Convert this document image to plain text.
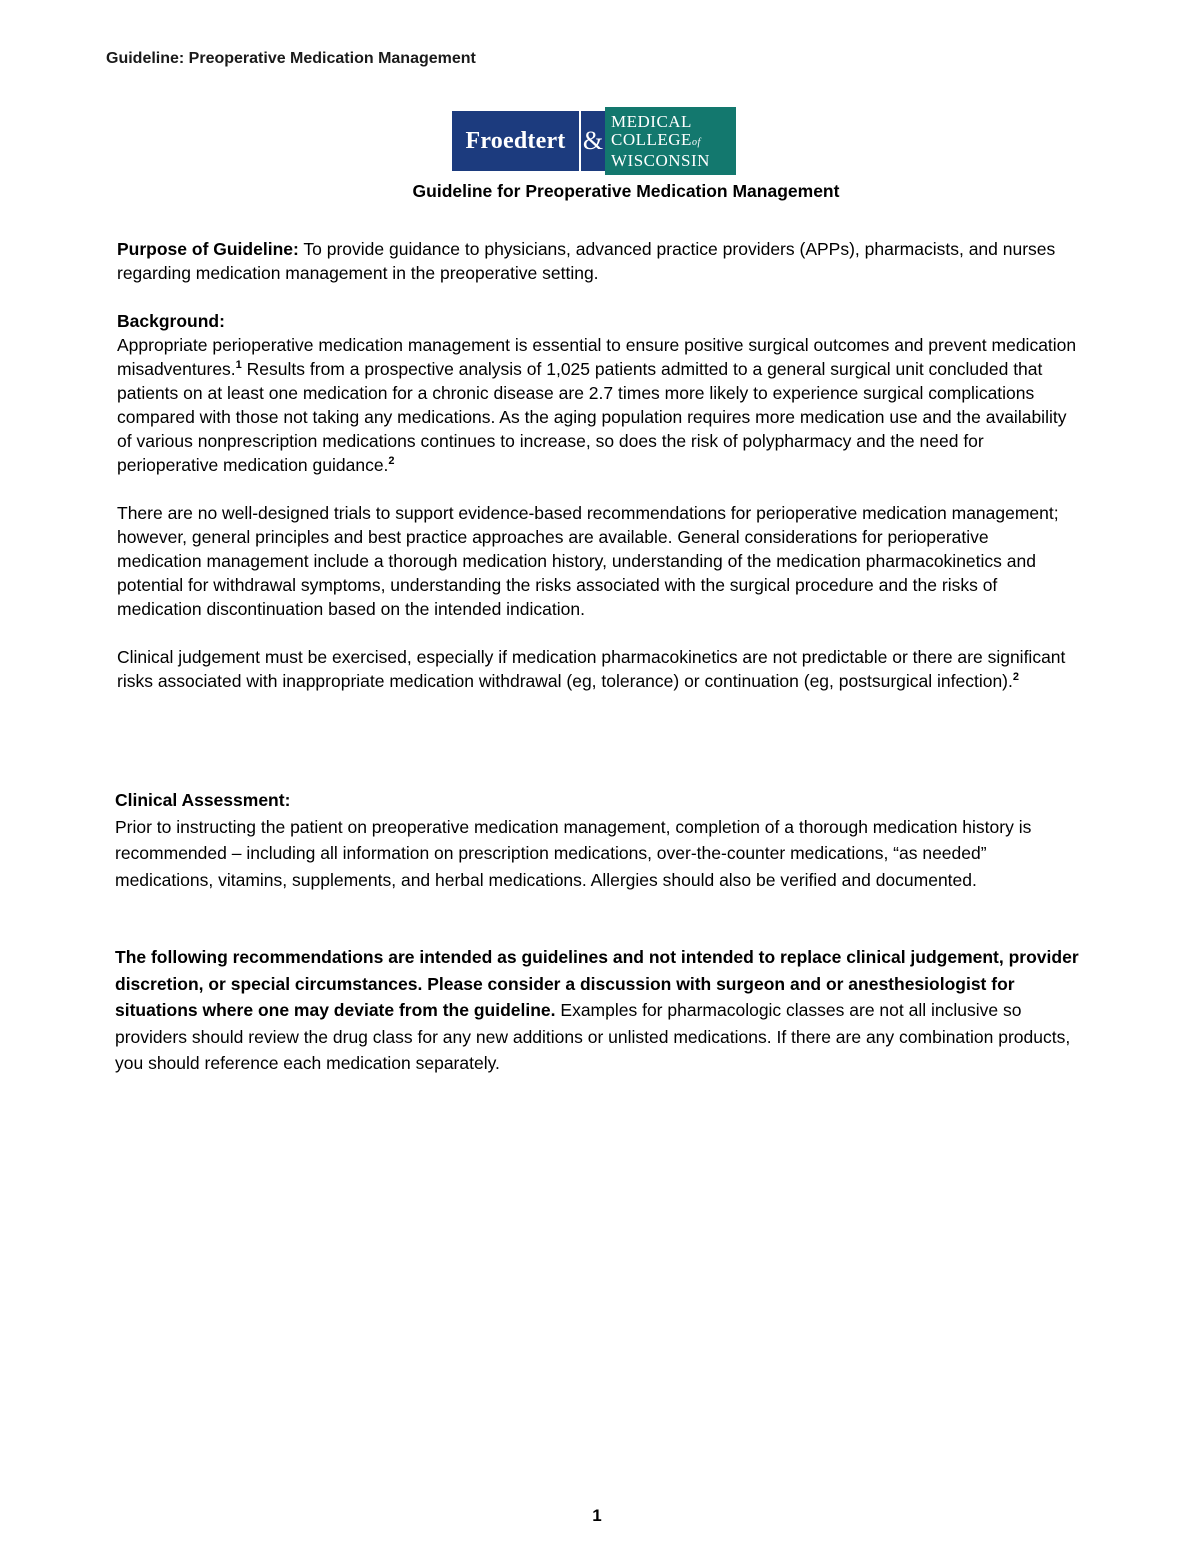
Guideline: Preoperative Medication Management
Froedtert &
MEDICAL
COLLEGEof
WISCONSIN
Guideline for Preoperative Medication Management

Purpose of Guideline: To provide guidance to physicians, advanced practice providers (APPs), pharmacists, and nurses regarding medication management in the preoperative setting.

Background:

Appropriate perioperative medication management is essential to ensure positive surgical outcomes and prevent medication misadventures.$^1$ Results from a prospective analysis of 1,025 patients admitted to a general surgical unit concluded that patients on at least one medication for a chronic disease are 2.7 times more likely to experience surgical complications compared with those not taking any medications. As the aging population requires more medication use and the availability of various nonprescription medications continues to increase, so does the risk of polypharmacy and the need for perioperative medication guidance.$^2$

There are no well-designed trials to support evidence-based recommendations for perioperative medication management; however, general principles and best practice approaches are available. General considerations for perioperative medication management include a thorough medication history, understanding of the medication pharmacokinetics and potential for withdrawal symptoms, understanding the risks associated with the surgical procedure and the risks of medication discontinuation based on the intended indication.

Clinical judgement must be exercised, especially if medication pharmacokinetics are not predictable or there are significant risks associated with inappropriate medication withdrawal (eg, tolerance) or continuation (eg, postsurgical infection).$^2$

Clinical Assessment:

Prior to instructing the patient on preoperative medication management, completion of a thorough medication history is recommended – including all information on prescription medications, over-the-counter medications, “as needed” medications, vitamins, supplements, and herbal medications. Allergies should also be verified and documented.

The following recommendations are intended as guidelines and not intended to replace clinical judgement, provider discretion, or special circumstances. Please consider a discussion with surgeon and or anesthesiologist for situations where one may deviate from the guideline. Examples for pharmacologic classes are not all inclusive so providers should review the drug class for any new additions or unlisted medications. If there are any combination products, you should reference each medication separately.

1
